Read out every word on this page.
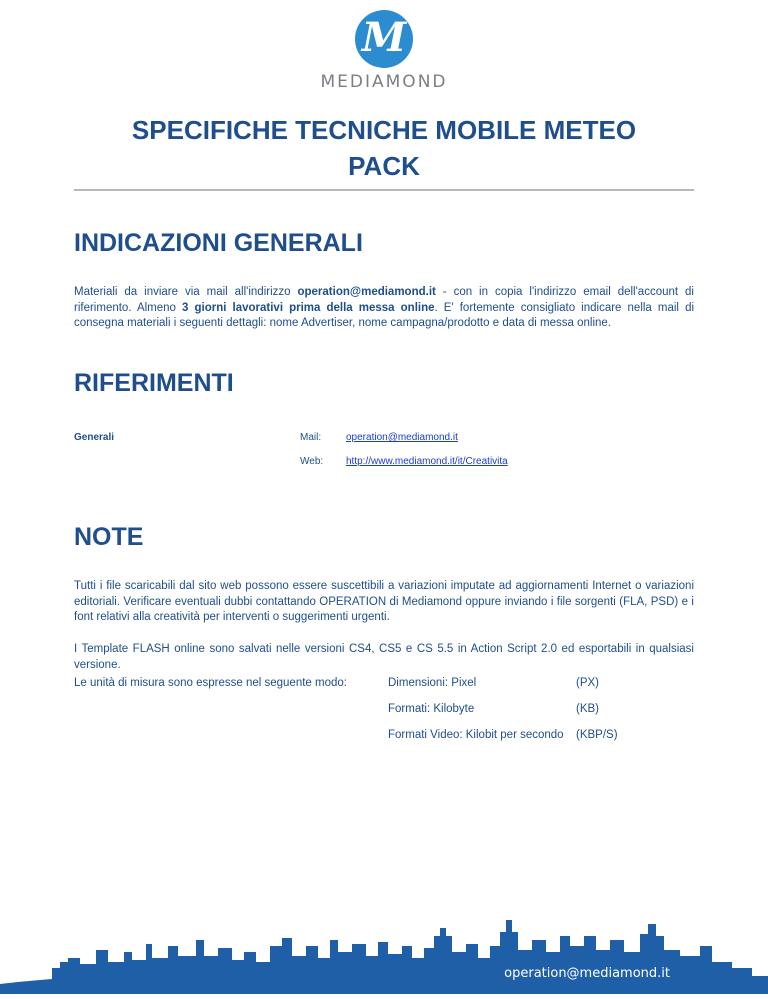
M
MEDIAMOND
SPECIFICHE TECNICHE MOBILE METEO
PACK
INDICAZIONI GENERALI

Materiali da inviare via mail all'indirizzo operation@mediamond.it - con in copia l'indirizzo email dell'account di riferimento. Almeno 3 giorni lavorativi prima della messa online. E' fortemente consigliato indicare nella mail di consegna materiali i seguenti dettagli: nome Advertiser, nome campagna/prodotto e data di messa online.

RIFERIMENTI
Generali	Mail: operation@mediamond.it
Web: http://www.mediamond.it/it/Creativita
NOTE

Tutti i file scaricabili dal sito web possono essere suscettibili a variazioni imputate ad aggiornamenti Internet o variazioni editoriali. Verificare eventuali dubbi contattando OPERATION di Mediamond oppure inviando i file sorgenti (FLA, PSD) e i font relativi alla creatività per interventi o suggerimenti urgenti.

I Template FLASH online sono salvati nelle versioni CS4, CS5 e CS 5.5 in Action Script 2.0 ed esportabili in qualsiasi versione.

Le unità di misura sono espresse nel seguente modo:	Dimensioni: Pixel	(PX)
Formati: Kilobyte	(KB)
Formati Video: Kilobit per secondo (KBP/S)
operation@mediamond.it
